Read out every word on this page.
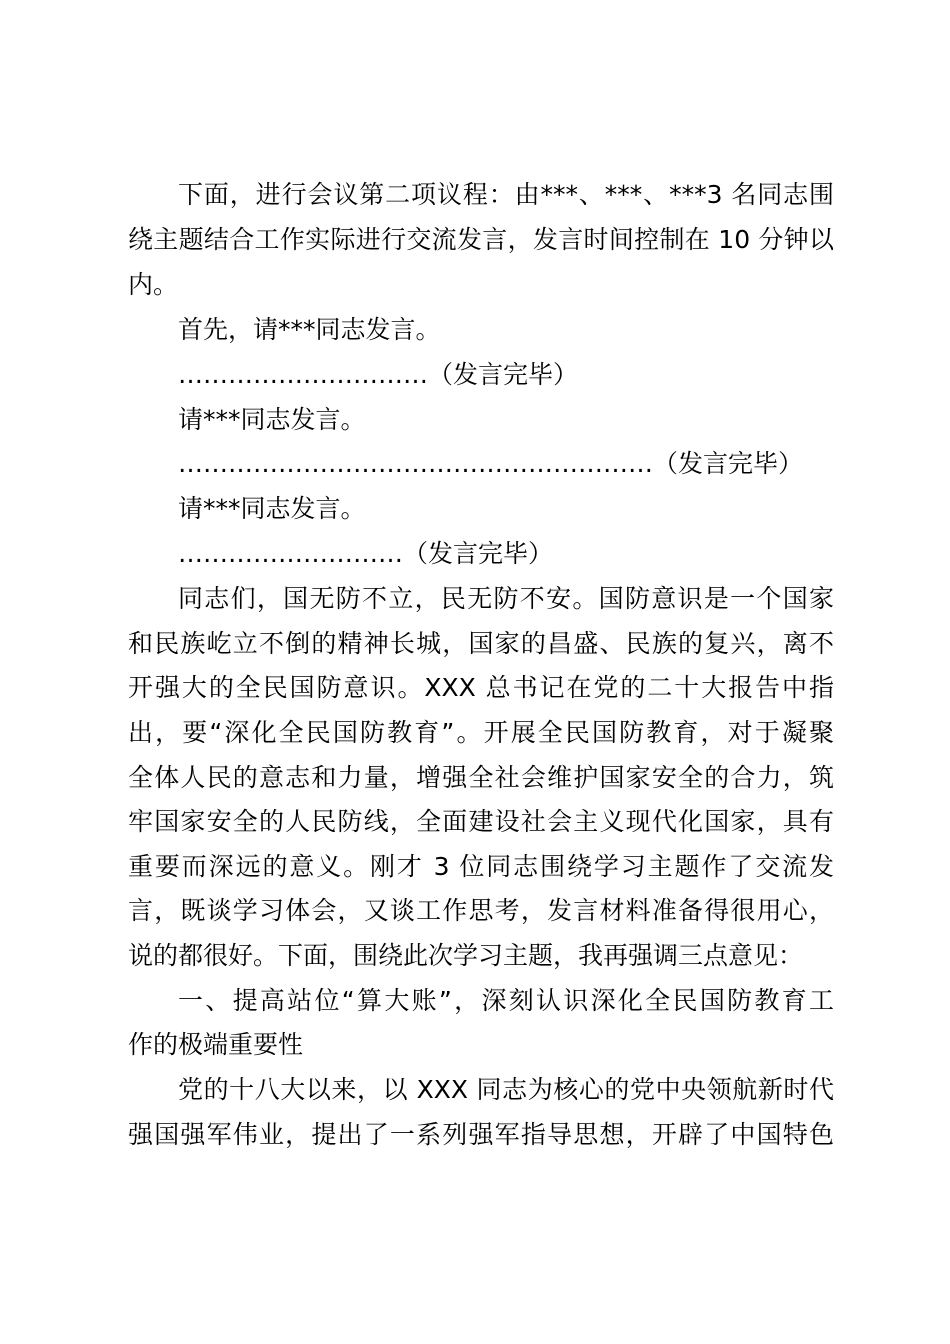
下面，进行会议第二项议程：由***、***、***3 名同志围
绕主题结合工作实际进行交流发言，发言时间控制在 10 分钟以
内。
首先，请***同志发言。
…………………………（发言完毕）
请***同志发言。
…………………………………………………（发言完毕）
请***同志发言。
………………………（发言完毕）
同志们，国无防不立，民无防不安。国防意识是一个国家
和民族屹立不倒的精神长城，国家的昌盛、民族的复兴，离不
开强大的全民国防意识。XXX 总书记在党的二十大报告中指
出，要“深化全民国防教育”。开展全民国防教育，对于凝聚
全体人民的意志和力量，增强全社会维护国家安全的合力，筑
牢国家安全的人民防线，全面建设社会主义现代化国家，具有
重要而深远的意义。刚才 3 位同志围绕学习主题作了交流发
言，既谈学习体会，又谈工作思考，发言材料准备得很用心，
说的都很好。下面，围绕此次学习主题，我再强调三点意见：
一、提高站位“算大账”，深刻认识深化全民国防教育工
作的极端重要性
党的十八大以来，以 XXX 同志为核心的党中央领航新时代
强国强军伟业，提出了一系列强军指导思想，开辟了中国特色
